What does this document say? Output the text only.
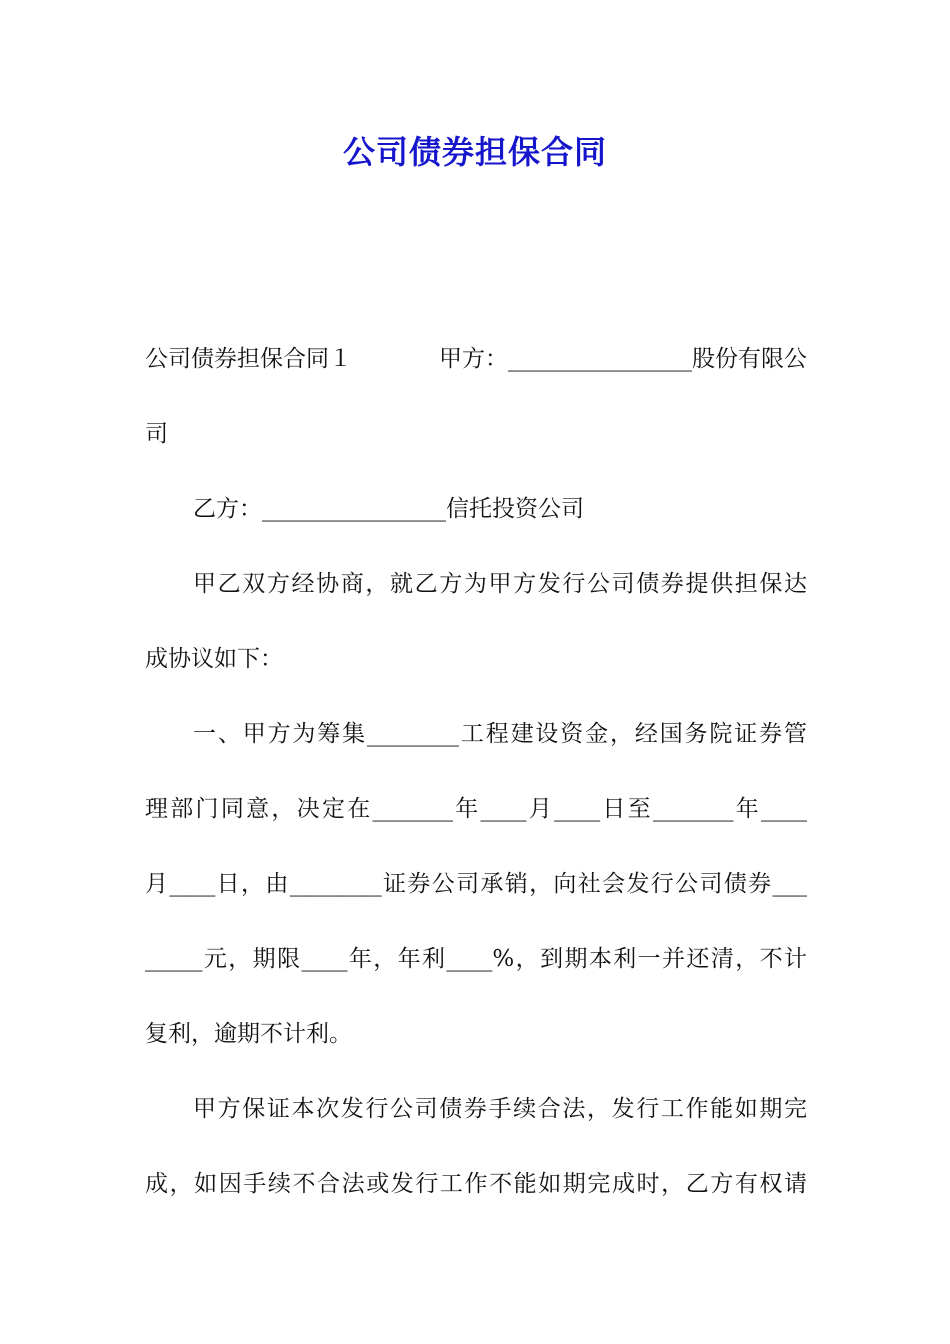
公司债券担保合同
公司债券担保合同１	甲方：________________股份有限公
司
乙方：________________信托投资公司
甲乙双方经协商，就乙方为甲方发行公司债券提供担保达
成协议如下：
一、甲方为筹集________工程建设资金，经国务院证券管
理部门同意，决定在_______年____月____日至_______年____
月____日，由________证券公司承销，向社会发行公司债券___
_____元，期限____年，年利____%，到期本利一并还清，不计
复利，逾期不计利。
甲方保证本次发行公司债券手续合法，发行工作能如期完
成，如因手续不合法或发行工作不能如期完成时，乙方有权请
